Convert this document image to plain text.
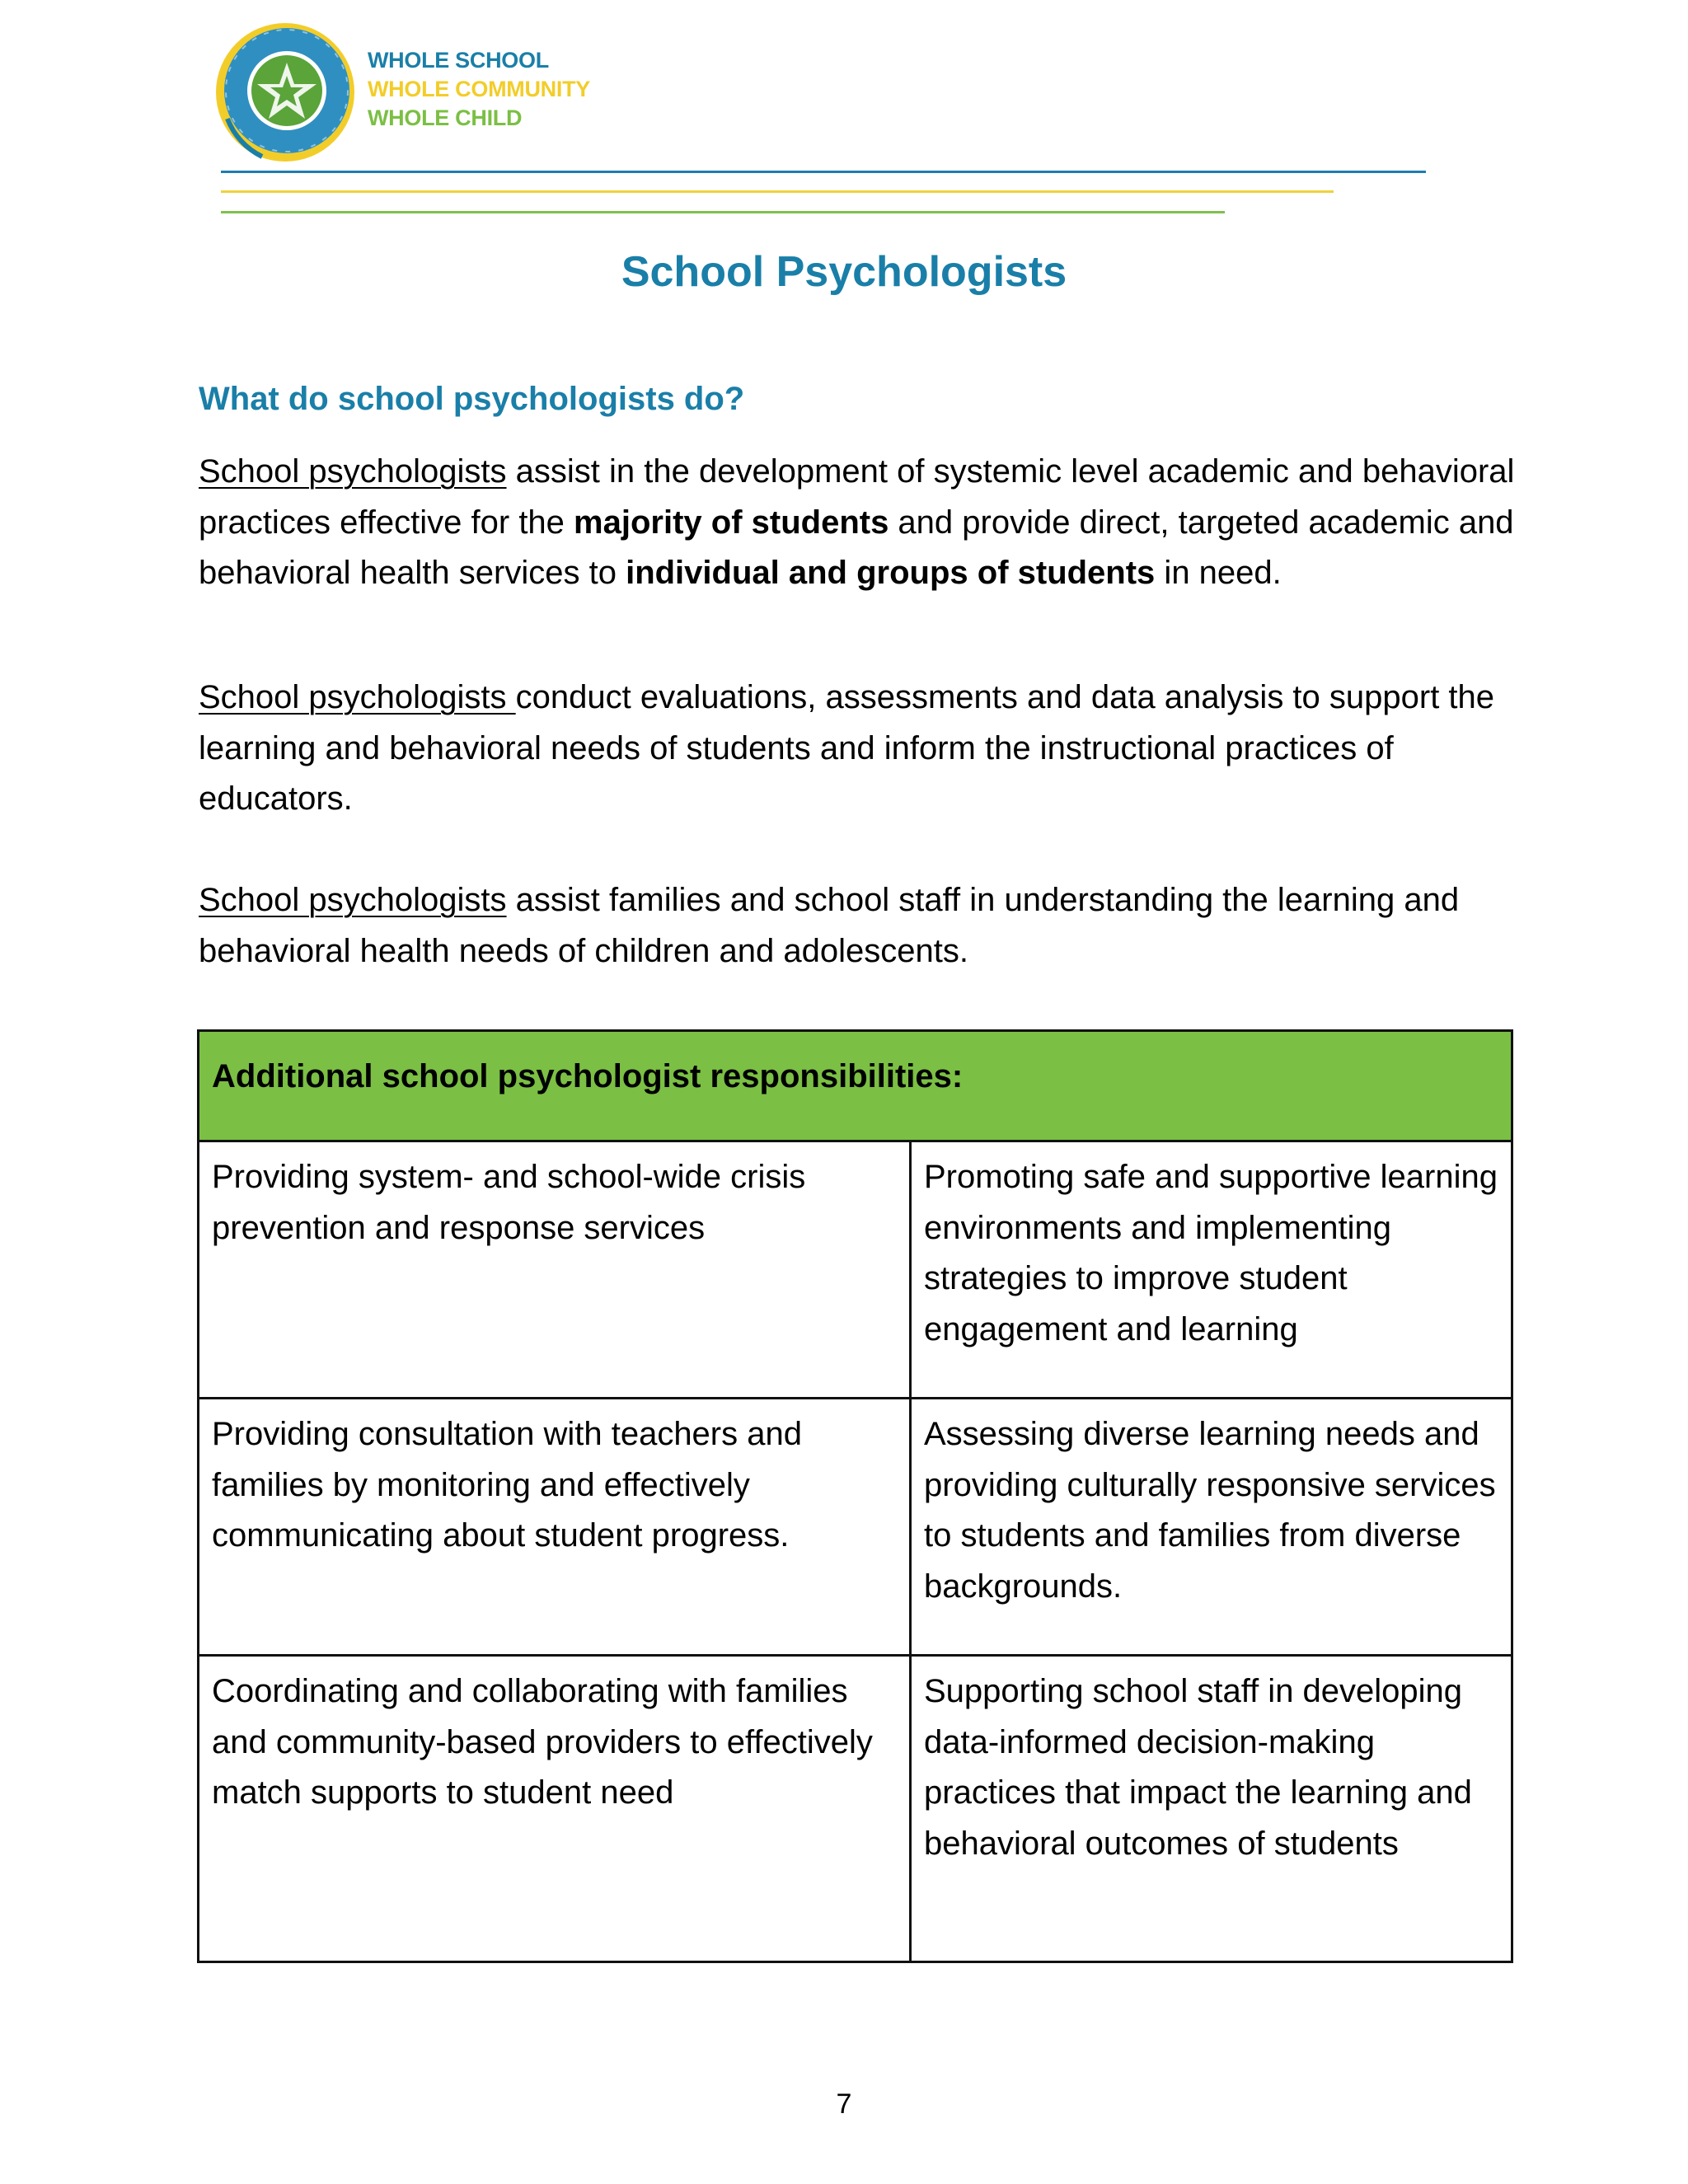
WHOLE SCHOOL
WHOLE COMMUNITY
WHOLE CHILD
School Psychologists
What do school psychologists do?

School psychologists assist in the development of systemic level academic and behavioral practices effective for the majority of students and provide direct, targeted academic and behavioral health services to individual and groups of students in need.

School psychologists conduct evaluations, assessments and data analysis to support the learning and behavioral needs of students and inform the instructional practices of educators.

School psychologists assist families and school staff in understanding the learning and behavioral health needs of children and adolescents.

Additional school psychologist responsibilities:	
Providing system- and school-wide crisis prevention and response services	Promoting safe and supportive learning environments and implementing strategies to improve student engagement and learning
Providing consultation with teachers and families by monitoring and effectively communicating about student progress.	Assessing diverse learning needs and providing culturally responsive services to students and families from diverse backgrounds.
Coordinating and collaborating with families and community-based providers to effectively match supports to student need	Supporting school staff in developing data-informed decision-making practices that impact the learning and behavioral outcomes of students
7
